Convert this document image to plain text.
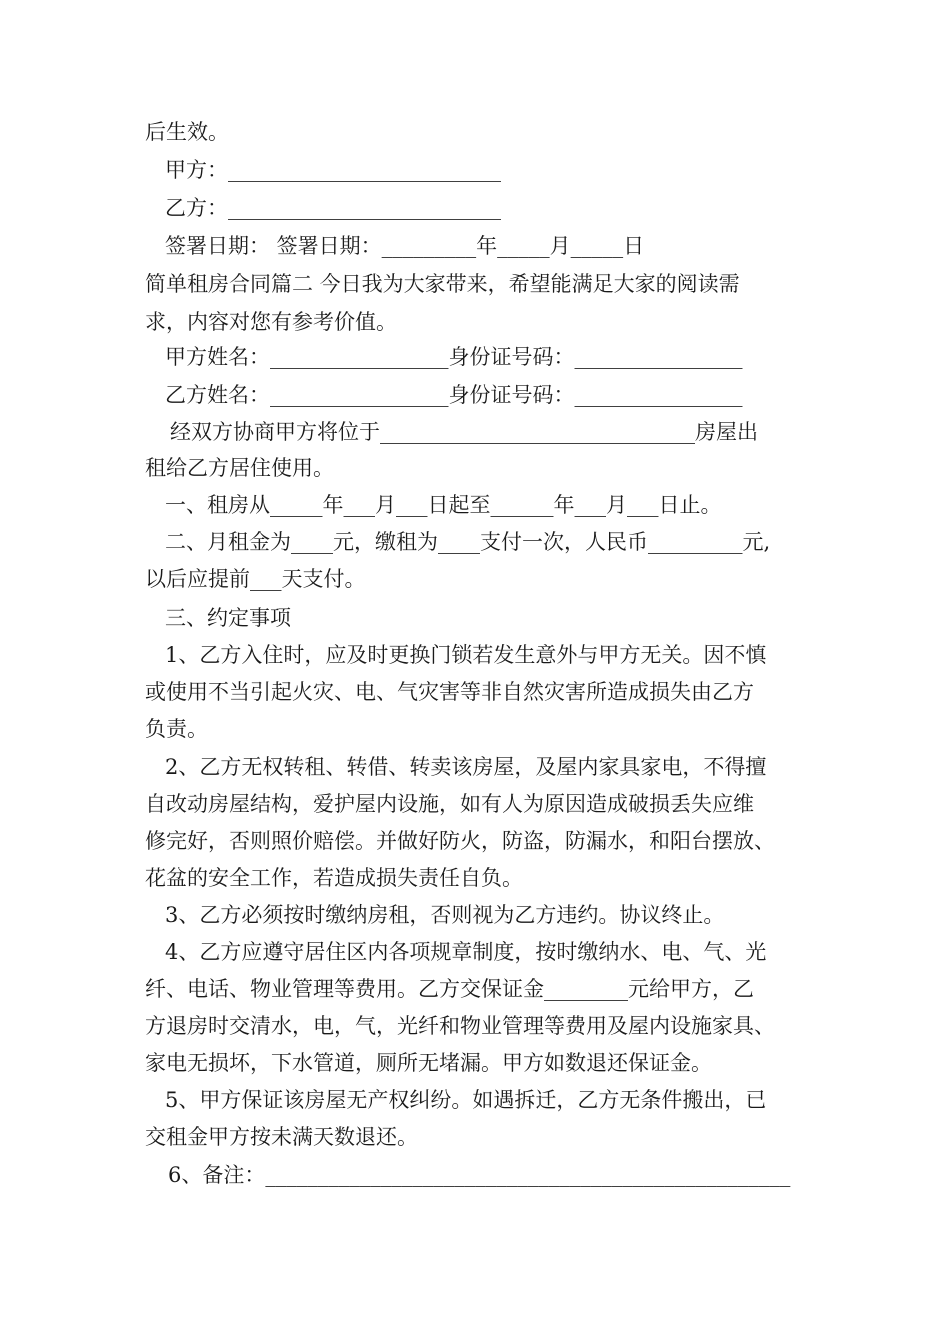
后生效。
甲方：__________________________
乙方：__________________________
签署日期： 签署日期：_________年_____月_____日
简单租房合同篇二 今日我为大家带来，希望能满足大家的阅读需
求，内容对您有参考价值。
甲方姓名：_________________身份证号码：________________
乙方姓名：_________________身份证号码：________________
经双方协商甲方将位于______________________________房屋出
租给乙方居住使用。
一、租房从_____年___月___日起至______年___月___日止。
二、月租金为____元，缴租为____支付一次，人民币_________元,
以后应提前___天支付。
三、约定事项
1、乙方入住时，应及时更换门锁若发生意外与甲方无关。因不慎
或使用不当引起火灾、电、气灾害等非自然灾害所造成损失由乙方
负责。
2、乙方无权转租、转借、转卖该房屋，及屋内家具家电，不得擅
自改动房屋结构，爱护屋内设施，如有人为原因造成破损丢失应维
修完好，否则照价赔偿。并做好防火，防盗，防漏水，和阳台摆放、
花盆的安全工作，若造成损失责任自负。
3、乙方必须按时缴纳房租，否则视为乙方违约。协议终止。
4、乙方应遵守居住区内各项规章制度，按时缴纳水、电、气、光
纤、电话、物业管理等费用。乙方交保证金________元给甲方，乙
方退房时交清水，电，气，光纤和物业管理等费用及屋内设施家具、
家电无损坏，下水管道，厕所无堵漏。甲方如数退还保证金。
5、甲方保证该房屋无产权纠纷。如遇拆迁，乙方无条件搬出，已
交租金甲方按未满天数退还。
6、备注：__________________________________________________
